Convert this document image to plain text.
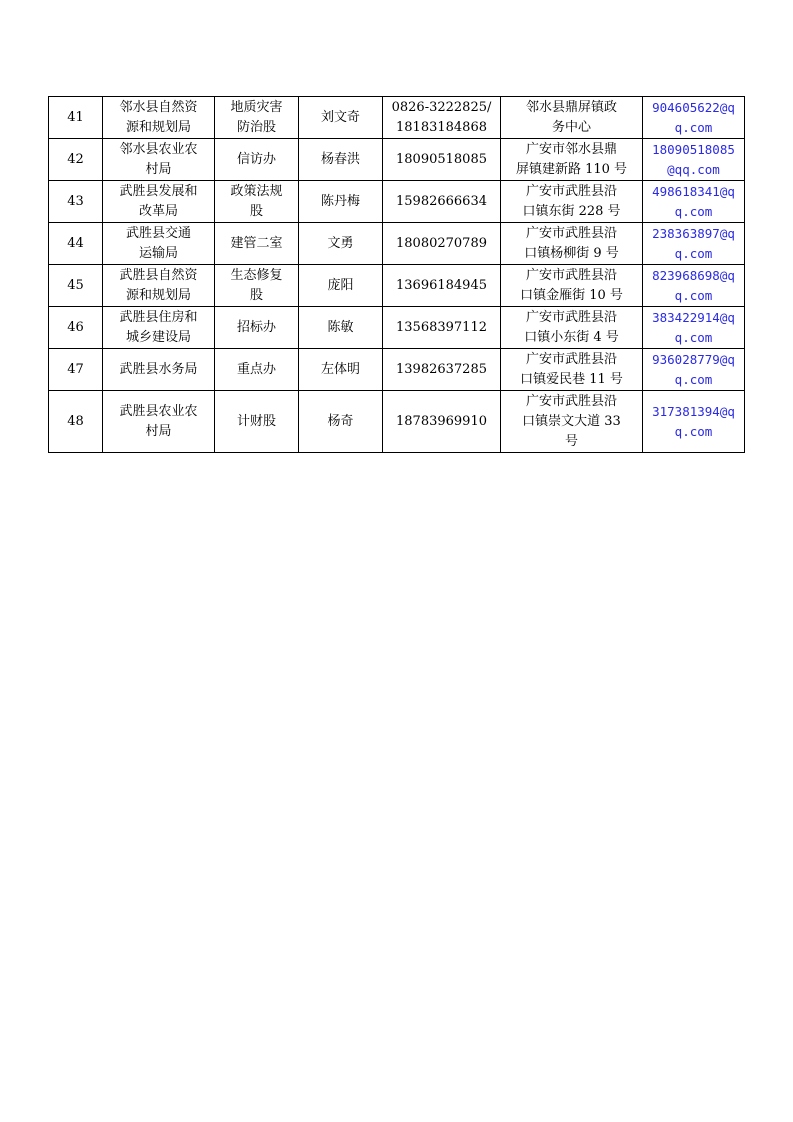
41	邻水县自然资
源和规划局	地质灾害
防治股	刘文奇	0826-3222825/
18183184868	邻水县鼎屏镇政
务中心	904605622@q
q.com

42	邻水县农业农
村局	信访办	杨春洪	18090518085	广安市邻水县鼎
屏镇建新路 110 号	18090518085
@qq.com

43	武胜县发展和
改革局	政策法规
股	陈丹梅	15982666634	广安市武胜县沿
口镇东街 228 号	498618341@q
q.com

44	武胜县交通
运输局	建管二室	文勇	18080270789	广安市武胜县沿
口镇杨柳街 9 号	238363897@q
q.com

45	武胜县自然资
源和规划局	生态修复
股	庞阳	13696184945	广安市武胜县沿
口镇金雁街 10 号	823968698@q
q.com

46	武胜县住房和
城乡建设局	招标办	陈敏	13568397112	广安市武胜县沿
口镇小东街 4 号	383422914@q
q.com

47	武胜县水务局	重点办	左体明	13982637285	广安市武胜县沿
口镇爱民巷 11 号	936028779@q
q.com

48	武胜县农业农
村局	计财股	杨奇	18783969910	广安市武胜县沿
口镇崇文大道 33
号	317381394@q
q.com
